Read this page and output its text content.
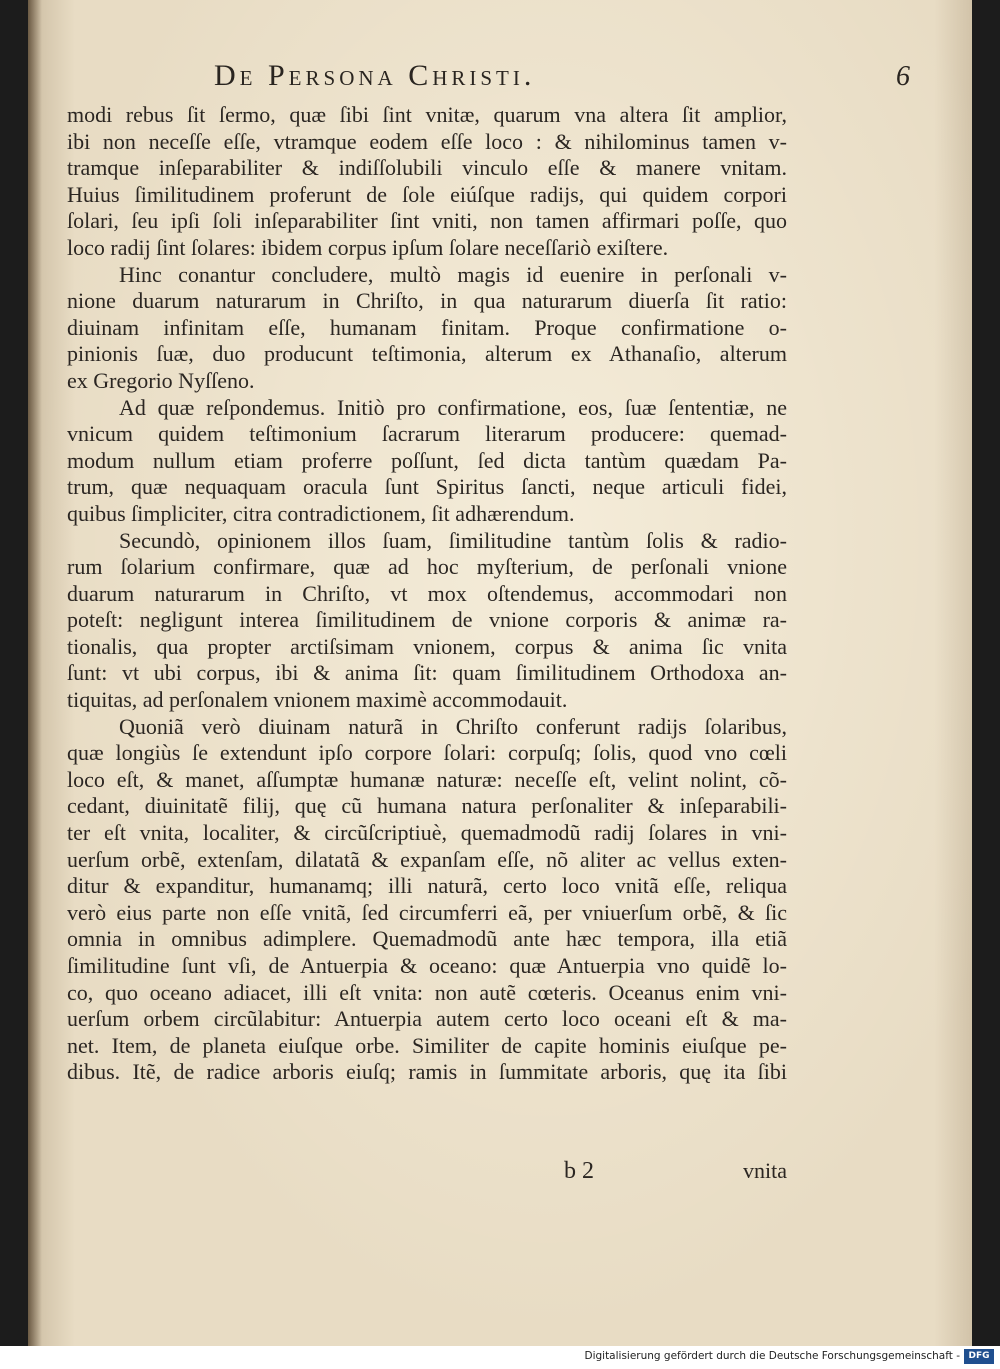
De Persona Christi.	6
modi rebus ſit ſermo, quæ ſibi ſint vnitæ, quarum vna altera ſit amplior,
ibi non neceſſe eſſe, vtramque eodem eſſe loco : & nihilominus tamen v-
tramque inſeparabiliter & indiſſolubili vinculo eſſe & manere vnitam.
Huius ſimilitudinem proferunt de ſole eiúſque radijs, qui quidem corpori
ſolari, ſeu ipſi ſoli inſeparabiliter ſint vniti, non tamen affirmari poſſe, quo
loco radij ſint ſolares: ibidem corpus ipſum ſolare neceſſariò exiſtere.
Hinc conantur concludere, multò magis id euenire in perſonali v-
nione duarum naturarum in Chriſto, in qua naturarum diuerſa ſit ratio:
diuinam infinitam eſſe, humanam finitam. Proque confirmatione o-
pinionis ſuæ, duo producunt teſtimonia, alterum ex Athanaſio, alterum
ex Gregorio Nyſſeno.
Ad quæ reſpondemus. Initiò pro confirmatione, eos, ſuæ ſententiæ, ne
vnicum quidem teſtimonium ſacrarum literarum producere: quemad-
modum nullum etiam proferre poſſunt, ſed dicta tantùm quædam Pa-
trum, quæ nequaquam oracula ſunt Spiritus ſancti, neque articuli fidei,
quibus ſimpliciter, citra contradictionem, ſit adhærendum.
Secundò, opinionem illos ſuam, ſimilitudine tantùm ſolis & radio-
rum ſolarium confirmare, quæ ad hoc myſterium, de perſonali vnione
duarum naturarum in Chriſto, vt mox oſtendemus, accommodari non
poteſt: negligunt interea ſimilitudinem de vnione corporis & animæ ra-
tionalis, qua propter arctiſsimam vnionem, corpus & anima ſic vnita
ſunt: vt ubi corpus, ibi & anima ſit: quam ſimilitudinem Orthodoxa an-
tiquitas, ad perſonalem vnionem maximè accommodauit.
Quoniã verò diuinam naturã in Chriſto conferunt radijs ſolaribus,
quæ longiùs ſe extendunt ipſo corpore ſolari: corpuſq; ſolis, quod vno cœli
loco eſt, & manet, aſſumptæ humanæ naturæ: neceſſe eſt, velint nolint, cõ-
cedant, diuinitatẽ filij, quę cũ humana natura perſonaliter & inſeparabili-
ter eſt vnita, localiter, & circũſcriptiuè, quemadmodũ radij ſolares in vni-
uerſum orbẽ, extenſam, dilatatã & expanſam eſſe, nõ aliter ac vellus exten-
ditur & expanditur, humanamq; illi naturã, certo loco vnitã eſſe, reliqua
verò eius parte non eſſe vnitã, ſed circumferri eã, per vniuerſum orbẽ, & ſic
omnia in omnibus adimplere. Quemadmodũ ante hæc tempora, illa etiã
ſimilitudine ſunt vſi, de Antuerpia & oceano: quæ Antuerpia vno quidẽ lo-
co, quo oceano adiacet, illi eſt vnita: non autẽ cœteris. Oceanus enim vni-
uerſum orbem circũlabitur: Antuerpia autem certo loco oceani eſt & ma-
net. Item, de planeta eiuſque orbe. Similiter de capite hominis eiuſque pe-
dibus. Itẽ, de radice arboris eiuſq; ramis in ſummitate arboris, quę ita ſibi
b 2	vnita
Digitalisierung gefördert durch die Deutsche Forschungsgemeinschaft - DFG
